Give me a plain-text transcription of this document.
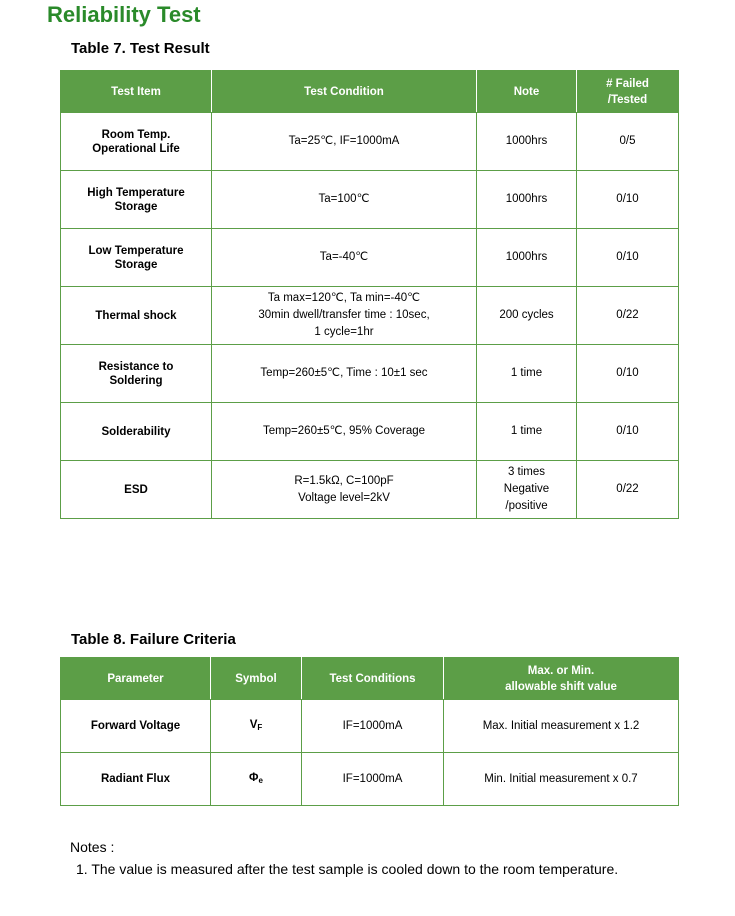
Reliability Test
Table 7. Test Result
Test Item	Test Condition	Note	# Failed
/Tested

Room Temp.
Operational Life	Ta=25℃, IF=1000mA	1000hrs	0/5

High Temperature
Storage	Ta=100℃	1000hrs	0/10

Low Temperature
Storage	Ta=-40℃	1000hrs	0/10

Thermal shock	Ta max=120℃, Ta min=-40℃
30min dwell/transfer time : 10sec,
1 cycle=1hr	200 cycles	0/22

Resistance to
Soldering	Temp=260±5℃, Time : 10±1 sec	1 time	0/10

Solderability	Temp=260±5℃, 95% Coverage	1 time	0/10

ESD	R=1.5kΩ, C=100pF
Voltage level=2kV	3 times
Negative
/positive	0/22
Table 8. Failure Criteria
Parameter	Symbol	Test Conditions	Max. or Min.
allowable shift value

Forward Voltage	$V_F$	IF=1000mA	Max. Initial measurement x 1.2
Radiant Flux	$\Phi_e$	IF=1000mA	Min. Initial measurement x 0.7
Notes :
1. The value is measured after the test sample is cooled down to the room temperature.
